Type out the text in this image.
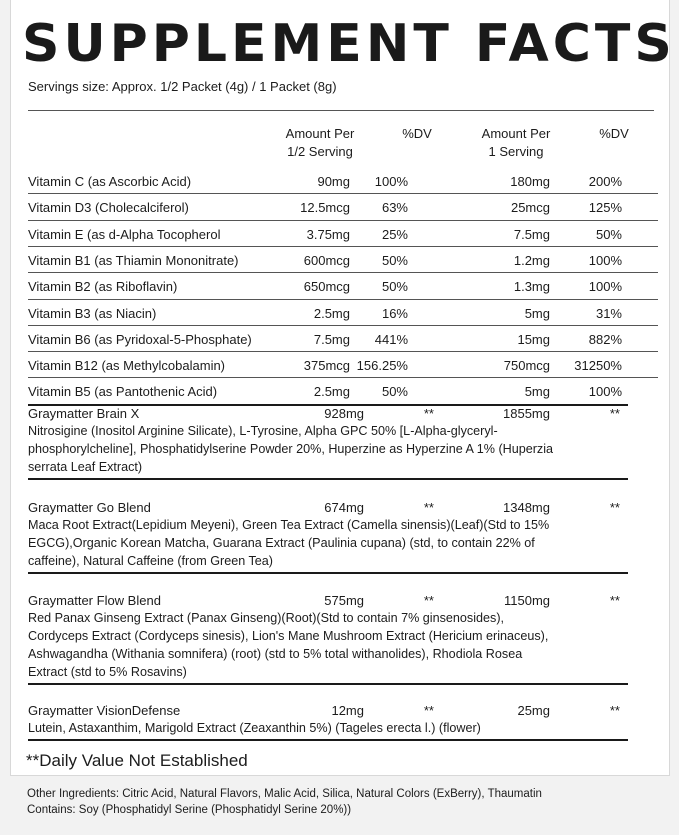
SUPPLEMENT FACTS
Servings size: Approx. 1/2 Packet (4g) / 1 Packet (8g)
Amount Per
1/2 Serving
%DV	Amount Per
1 Serving
%DV
Vitamin C (as Ascorbic Acid)	90mg	100%	180mg	200%
Vitamin D3 (Cholecalciferol)	12.5mcg	63%	25mcg	125%
Vitamin E (as d-Alpha Tocopherol	3.75mg	25%	7.5mg	50%
Vitamin B1 (as Thiamin Mononitrate)	600mcg	50%	1.2mg	100%
Vitamin B2 (as Riboflavin)	650mcg	50%	1.3mg	100%
Vitamin B3 (as Niacin)	2.5mg	16%	5mg	31%
Vitamin B6 (as Pyridoxal-5-Phosphate)	7.5mg	441%	15mg	882%
Vitamin B12 (as Methylcobalamin)	375mcg 156.25%	750mcg	31250%
Vitamin B5 (as Pantothenic Acid)	2.5mg	50%	5mg	100%
Graymatter Brain X	928mg	**	1855mg	**
Nitrosigine (Inositol Arginine Silicate), L-Tyrosine, Alpha GPC 50% [L-Alpha-glyceryl-
phosphorylcheline], Phosphatidylserine Powder 20%, Huperzine as Hyperzine A 1% (Huperzia
serrata Leaf Extract)
Graymatter Go Blend	674mg	**	1348mg	**
Maca Root Extract(Lepidium Meyeni), Green Tea Extract (Camella sinensis)(Leaf)(Std to 15%
EGCG),Organic Korean Matcha, Guarana Extract (Paulinia cupana) (std, to contain 22% of
caffeine), Natural Caffeine (from Green Tea)
Graymatter Flow Blend	575mg	**	1150mg	**
Red Panax Ginseng Extract (Panax Ginseng)(Root)(Std to contain 7% ginsenosides),
Cordyceps Extract (Cordyceps sinesis), Lion's Mane Mushroom Extract (Hericium erinaceus),
Ashwagandha (Withania somnifera) (root) (std to 5% total withanolides), Rhodiola Rosea
Extract (std to 5% Rosavins)
Graymatter VisionDefense	12mg	**	25mg	**
Lutein, Astaxanthim, Marigold Extract (Zeaxanthin 5%) (Tageles erecta l.) (flower)
**Daily Value Not Established
Other Ingredients: Citric Acid, Natural Flavors, Malic Acid, Silica, Natural Colors (ExBerry), Thaumatin
Contains: Soy (Phosphatidyl Serine (Phosphatidyl Serine 20%))
